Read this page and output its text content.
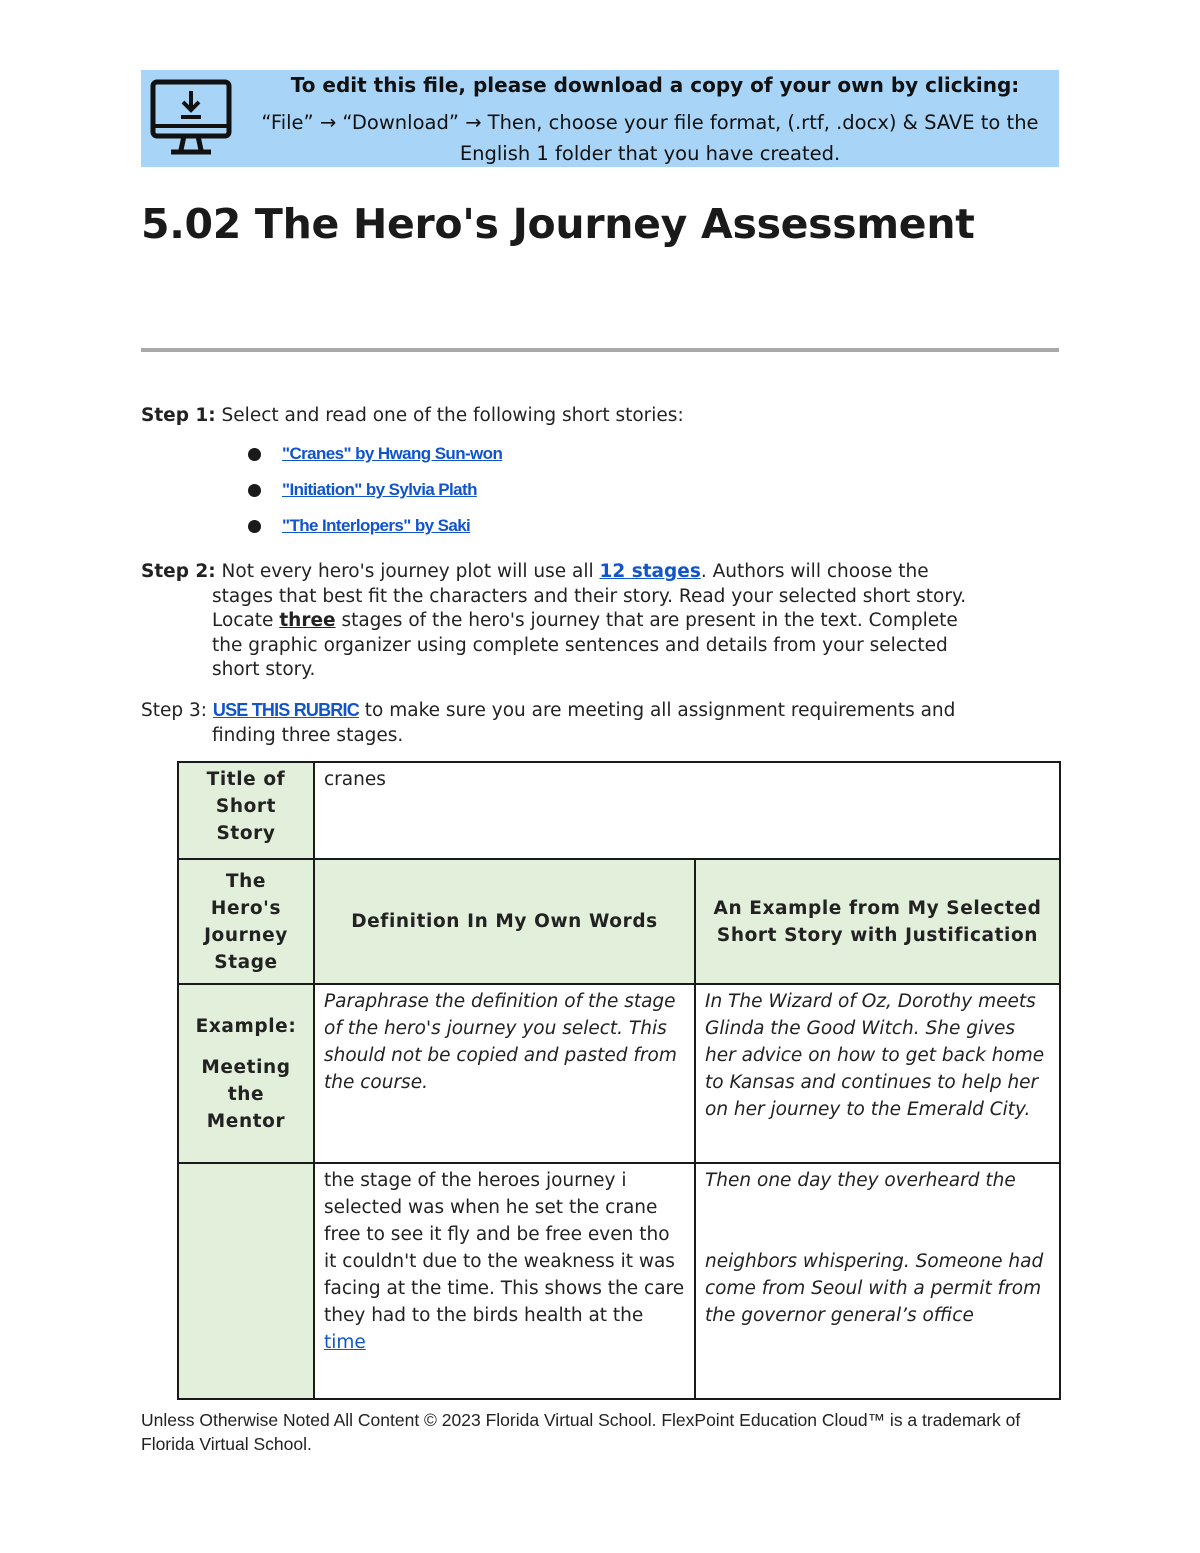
To edit this file, please download a copy of your own by clicking:
“File” → “Download” → Then, choose your file format, (.rtf, .docx) & SAVE to the
English 1 folder that you have created.
5.02 The Hero's Journey Assessment
Step 1: Select and read one of the following short stories:
"Cranes" by Hwang Sun-won
"Initiation" by Sylvia Plath
"The Interlopers" by Saki
Step 2: Not every hero's journey plot will use all 12 stages. Authors will choose the
stages that best fit the characters and their story. Read your selected short story.
Locate three stages of the hero's journey that are present in the text. Complete
the graphic organizer using complete sentences and details from your selected
short story.
Step 3: USE THIS RUBRIC to make sure you are meeting all assignment requirements and
finding three stages.
Title of Short Story	cranes	
The Hero's Journey Stage	Definition In My Own Words	An Example from My Selected Short Story with Justification

Example:
Meeting the Mentor	Paraphrase the definition of the stage of the hero's journey you select. This should not be copied and pasted from the course.	In The Wizard of Oz, Dorothy meets Glinda the Good Witch. She gives her advice on how to get back home to Kansas and continues to help her on her journey to the Emerald City.
	the stage of the heroes journey i selected was when he set the crane free to see it fly and be free even tho it couldn't due to the weakness it was facing at the time. This shows the care they had to the birds health at the time	Then one day they overheard the
neighbors whispering. Someone had come from Seoul with a permit from the governor general’s office
Unless Otherwise Noted All Content © 2023 Florida Virtual School. FlexPoint Education Cloud™ is a trademark of Florida Virtual School.
